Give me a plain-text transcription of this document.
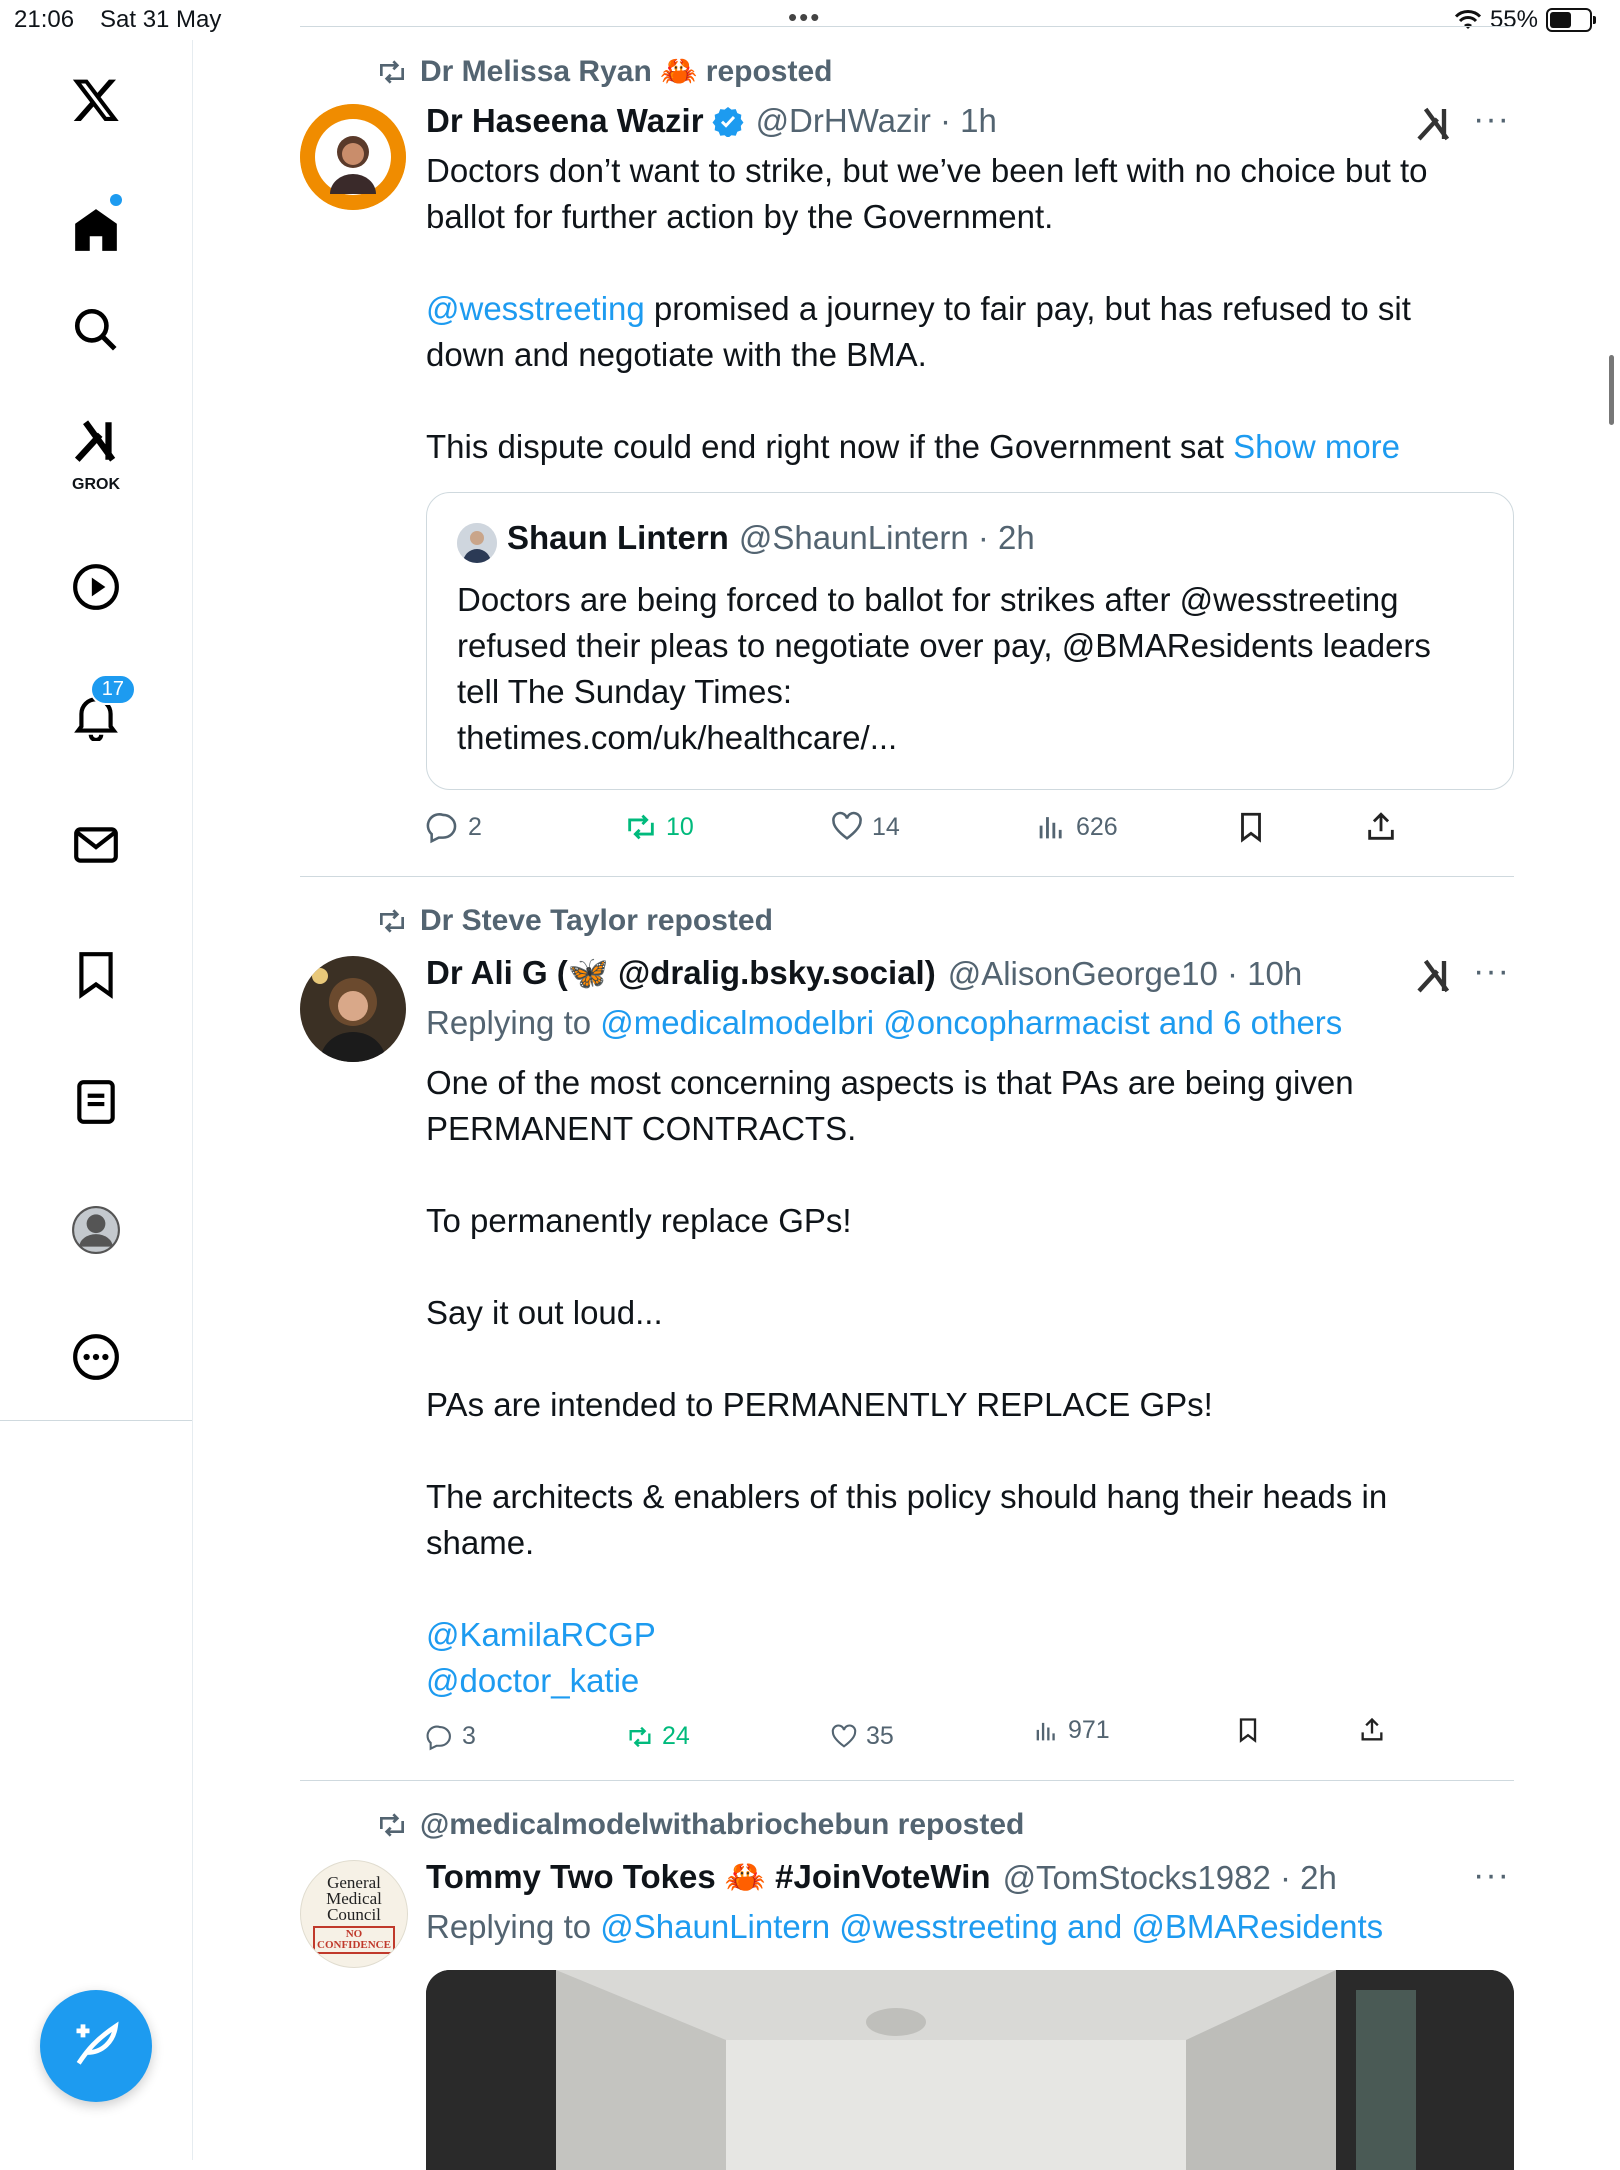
21:06 Sat 31 May	•••	55%
GROK
17
Dr Melissa Ryan 🦀 reposted
Dr Haseena Wazir @DrHWazir · 1h	···
Doctors don’t want to strike, but we’ve been left with no choice but to
ballot for further action by the Government.

@wesstreeting promised a journey to fair pay, but has refused to sit
down and negotiate with the BMA.

This dispute could end right now if the Government sat Show more
Shaun Lintern @ShaunLintern · 2h
Doctors are being forced to ballot for strikes after @wesstreeting
refused their pleas to negotiate over pay, @BMAResidents leaders
tell The Sunday Times:
thetimes.com/uk/healthcare/...
2	10	14	626
Dr Steve Taylor reposted
Dr Ali G (🦋 @dralig.bsky.social) @AlisonGeorge10 · 10h	···
Replying to @medicalmodelbri @oncopharmacist and 6 others
One of the most concerning aspects is that PAs are being given
PERMANENT CONTRACTS.

To permanently replace GPs!

Say it out loud...

PAs are intended to PERMANENTLY REPLACE GPs!

The architects & enablers of this policy should hang their heads in
shame.
@KamilaRCGP
@doctor_katie
3	24	35	971
@medicalmodelwithabriochebun reposted
General
Medical
Council
NO
CONFIDENCE
Tommy Two Tokes 🦀 #JoinVoteWin @TomStocks1982 · 2h	···
Replying to @ShaunLintern @wesstreeting and @BMAResidents
